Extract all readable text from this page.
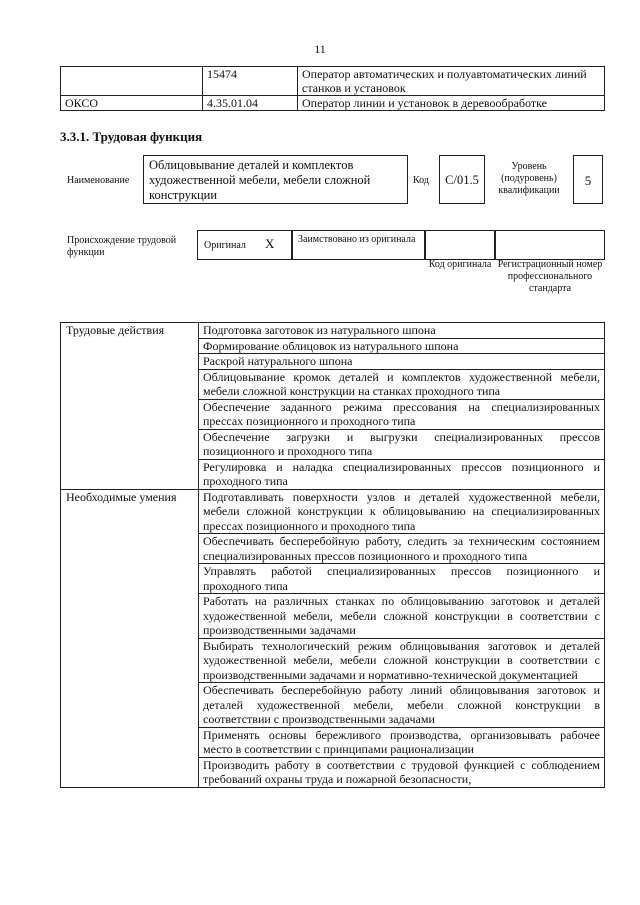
11
	15474	Оператор автоматических и полуавтоматических линий станков и установок
ОКСО	4.35.01.04	Оператор линии и установок в деревообработке
3.3.1. Трудовая функция
Наименование
Облицовывание деталей и комплектов художественной мебели, мебели сложной конструкции
Код	С/01.5
Уровень (подуровень) квалификации
5
Происхождение трудовой функции
Оригинал X Заимствовано из оригинала
Код оригинала Регистрационный номер профессионального стандарта
Трудовые действия	Подготовка заготовок из натурального шпона
	Формирование облицовок из натурального шпона
	Раскрой натурального шпона
	Облицовывание кромок деталей и комплектов художественной мебели, мебели сложной конструкции на станках проходного типа
	Обеспечение заданного режима прессования на специализированных прессах позиционного и проходного типа
	Обеспечение загрузки и выгрузки специализированных прессов позиционного и проходного типа
	Регулировка и наладка специализированных прессов позиционного и проходного типа
Необходимые умения	Подготавливать поверхности узлов и деталей художественной мебели, мебели сложной конструкции к облицовыванию на специализированных прессах позиционного и проходного типа
	Обеспечивать бесперебойную работу, следить за техническим состоянием специализированных прессов позиционного и проходного типа
	Управлять работой специализированных прессов позиционного и проходного типа
	Работать на различных станках по облицовыванию заготовок и деталей художественной мебели, мебели сложной конструкции в соответствии с производственными задачами
	Выбирать технологический режим облицовывания заготовок и деталей художественной мебели, мебели сложной конструкции в соответствии с производственными задачами и нормативно-технической документацией
	Обеспечивать бесперебойную работу линий облицовывания заготовок и деталей художественной мебели, мебели сложной конструкции в соответствии с производственными задачами
	Применять основы бережливого производства, организовывать рабочее место в соответствии с принципами рационализации
	Производить работу в соответствии с трудовой функцией с соблюдением требований охраны труда и пожарной безопасности,
